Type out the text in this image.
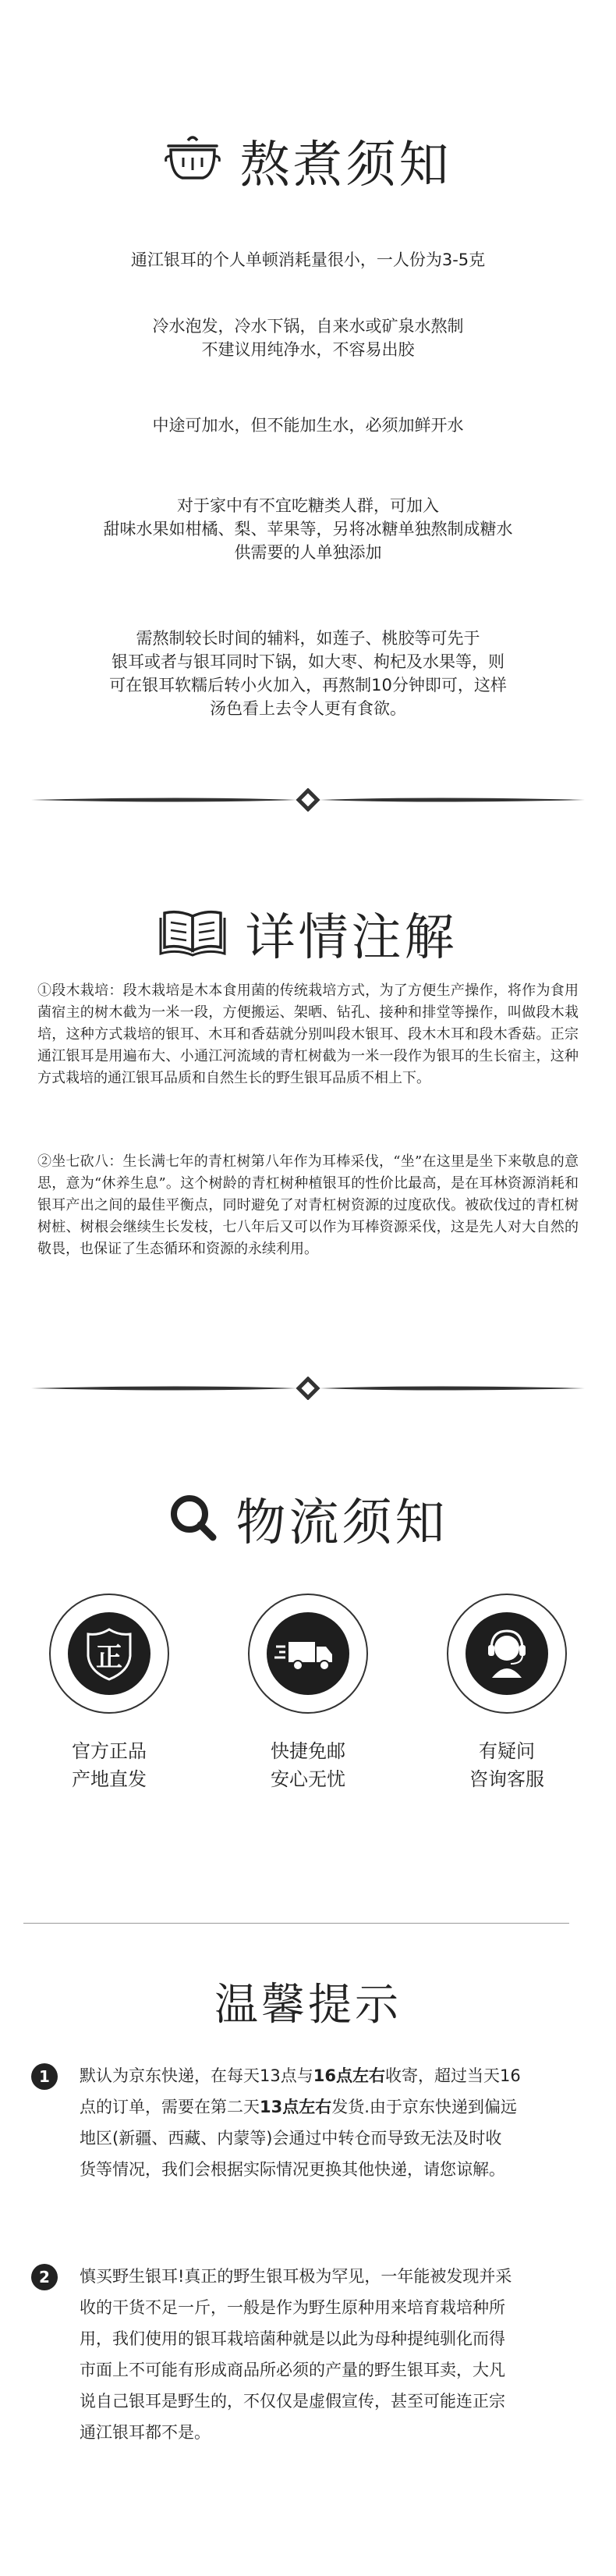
熬煮须知
通江银耳的个人单顿消耗量很小，一人份为3-5克
冷水泡发，冷水下锅，自来水或矿泉水熬制
不建议用纯净水，不容易出胶
中途可加水，但不能加生水，必须加鲜开水
对于家中有不宜吃糖类人群，可加入
甜味水果如柑橘、梨、苹果等，另将冰糖单独熬制成糖水
供需要的人单独添加
需熬制较长时间的辅料，如莲子、桃胶等可先于
银耳或者与银耳同时下锅，如大枣、枸杞及水果等，则
可在银耳软糯后转小火加入，再熬制10分钟即可，这样
汤色看上去令人更有食欲。
详情注解
①段木栽培：段木栽培是木本食用菌的传统栽培方式，为了方便生产操作，将作为食用菌宿主的树木截为一米一段，方便搬运、架晒、钻孔、接种和排堂等操作，叫做段木栽培，这种方式栽培的银耳、木耳和香菇就分别叫段木银耳、段木木耳和段木香菇。正宗通江银耳是用遍布大、小通江河流域的青杠树截为一米一段作为银耳的生长宿主，这种方式栽培的通江银耳品质和自然生长的野生银耳品质不相上下。
②坐七砍八：生长满七年的青杠树第八年作为耳棒采伐，“坐”在这里是坐下来敬息的意思，意为“休养生息”。这个树龄的青杠树种植银耳的性价比最高，是在耳林资源消耗和银耳产出之间的最佳平衡点，同时避免了对青杠树资源的过度砍伐。被砍伐过的青杠树树桩、树根会继续生长发枝，七八年后又可以作为耳棒资源采伐，这是先人对大自然的敬畏，也保证了生态循环和资源的永续利用。
物流须知
正
官方正品
产地直发
快捷免邮
安心无忧
有疑问
咨询客服
温馨提示
1	默认为京东快递，在每天13点与16点左右收寄，超过当天16
点的订单，需要在第二天13点左右发货.由于京东快递到偏远
地区(新疆、西藏、内蒙等)会通过中转仓而导致无法及时收
货等情况，我们会根据实际情况更换其他快递，请您谅解。
2	慎买野生银耳!真正的野生银耳极为罕见，一年能被发现并采
收的干货不足一斤，一般是作为野生原种用来培育栽培种所
用，我们使用的银耳栽培菌种就是以此为母种提纯驯化而得
市面上不可能有形成商品所必须的产量的野生银耳卖，大凡
说自己银耳是野生的，不仅仅是虚假宣传，甚至可能连正宗
通江银耳都不是。
